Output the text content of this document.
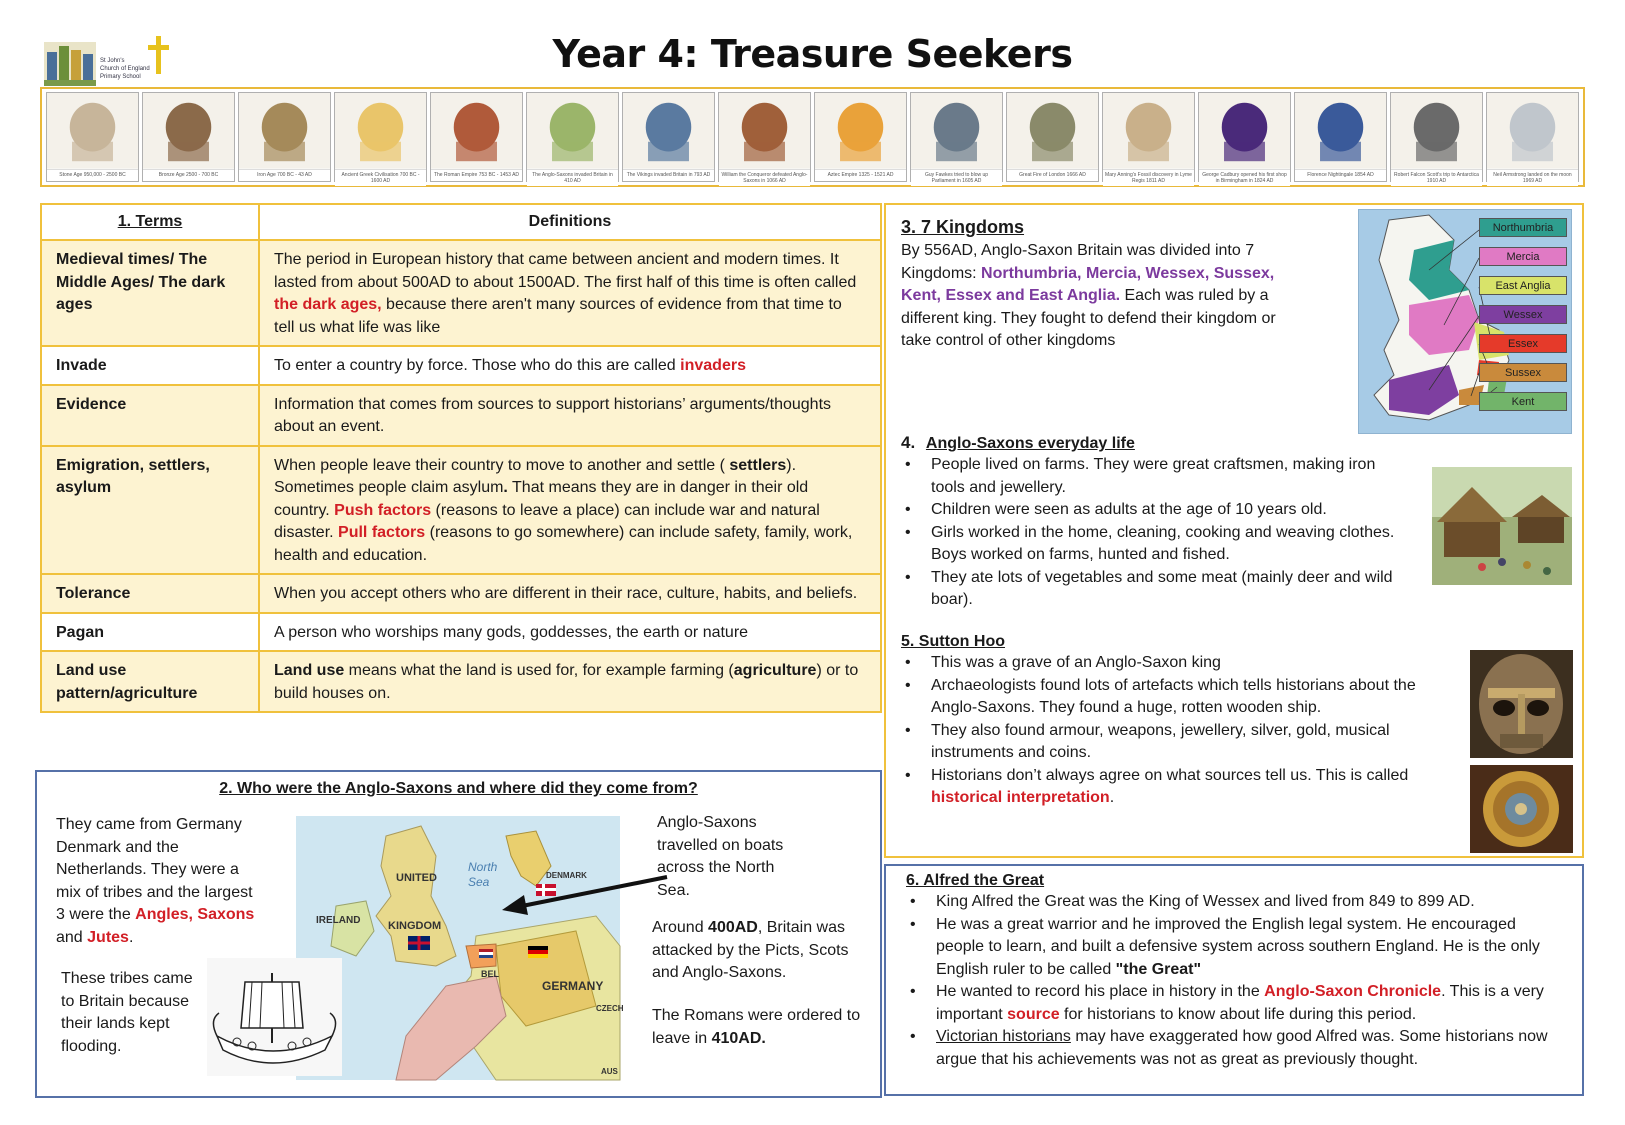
St John's
Church of England
Primary School
Year 4: Treasure Seekers
Stone Age 950,000 - 2500 BC	Bronze Age 2500 - 700 BC	Iron Age 700 BC - 43 AD	Ancient Greek Civilisation 700 BC - 1600 AD
The Roman Empire 753 BC - 1453 AD	The Anglo-Saxons invaded Britain in 410 AD
The Vikings invaded Britain in 793 AD	William the Conqueror defeated Anglo-Saxons in 1066 AD
Aztec Empire 1325 - 1521 AD	Guy Fawkes tried to blow up Parliament in 1605 AD
Great Fire of London 1666 AD	Mary Anning's Fossil discovery in Lyme Regis 1811 AD
George Cadbury opened his first shop in Birmingham in 1824 AD
Florence Nightingale 1854 AD	Robert Falcon Scott's trip to Antarctica 1910 AD
Neil Armstrong landed on the moon 1969 AD
1. Terms	Definitions
Medieval times/ The Middle Ages/ The dark ages	The period in European history that came between ancient and modern times. It lasted from about 500AD to about 1500AD. The first half of this time is often called the dark ages, because there aren't many sources of evidence from that time to tell us what life was like
Invade	To enter a country by force. Those who do this are called invaders
Evidence	Information that comes from sources to support historians’ arguments/thoughts about an event.
Emigration, settlers, asylum	When people leave their country to move to another and settle ( settlers). Sometimes people claim asylum. That means they are in danger in their old country. Push factors (reasons to leave a place) can include war and natural disaster. Pull factors (reasons to go somewhere) can include safety, family, work, health and education.
Tolerance	When you accept others who are different in their race, culture, habits, and beliefs.
Pagan	A person who worships many gods, goddesses, the earth or nature
Land use pattern/agriculture	Land use means what the land is used for, for example farming (agriculture) or to build houses on.
3. 7 Kingdoms
By 556AD, Anglo-Saxon Britain was divided into 7 Kingdoms: Northumbria, Mercia, Wessex, Sussex, Kent, Essex and East Anglia. Each was ruled by a different king. They fought to defend their kingdom or take control of other kingdoms
Northumbria
Mercia
East Anglia
Wessex
Essex
Sussex
Kent
4. Anglo-Saxons everyday life
• People lived on farms. They were great craftsmen, making iron tools and jewellery.
• Children were seen as adults at the age of 10 years old.
• Girls worked in the home, cleaning, cooking and weaving clothes. Boys worked on farms, hunted and fished.
• They ate lots of vegetables and some meat (mainly deer and wild boar).
5. Sutton Hoo
• This was a grave of an Anglo-Saxon king
• Archaeologists found lots of artefacts which tells historians about the Anglo-Saxons. They found a huge, rotten wooden ship.
• They also found armour, weapons, jewellery, silver, gold, musical instruments and coins.
• Historians don’t always agree on what sources tell us. This is called historical interpretation.
2. Who were the Anglo-Saxons and where did they come from?
They came from Germany Denmark and the Netherlands. They were a mix of tribes and the largest 3 were the Angles, Saxons and Jutes.
These tribes came to Britain because their lands kept flooding.
UNITED
KINGDOM
IRELAND
North
Sea	DENMARK
GERMANY
BEL
CZECH
AUS
Anglo-Saxons travelled on boats across the North Sea.
Around 400AD, Britain was attacked by the Picts, Scots and Anglo-Saxons.
The Romans were ordered to leave in 410AD.
6. Alfred the Great
• King Alfred the Great was the King of Wessex and lived from 849 to 899 AD.
• He was a great warrior and he improved the English legal system. He encouraged people to learn, and built a defensive system across southern England. He is the only English ruler to be called "the Great"
• He wanted to record his place in history in the Anglo-Saxon Chronicle. This is a very important source for historians to know about life during this period.
• Victorian historians may have exaggerated how good Alfred was. Some historians now argue that his achievements was not as great as previously thought.
